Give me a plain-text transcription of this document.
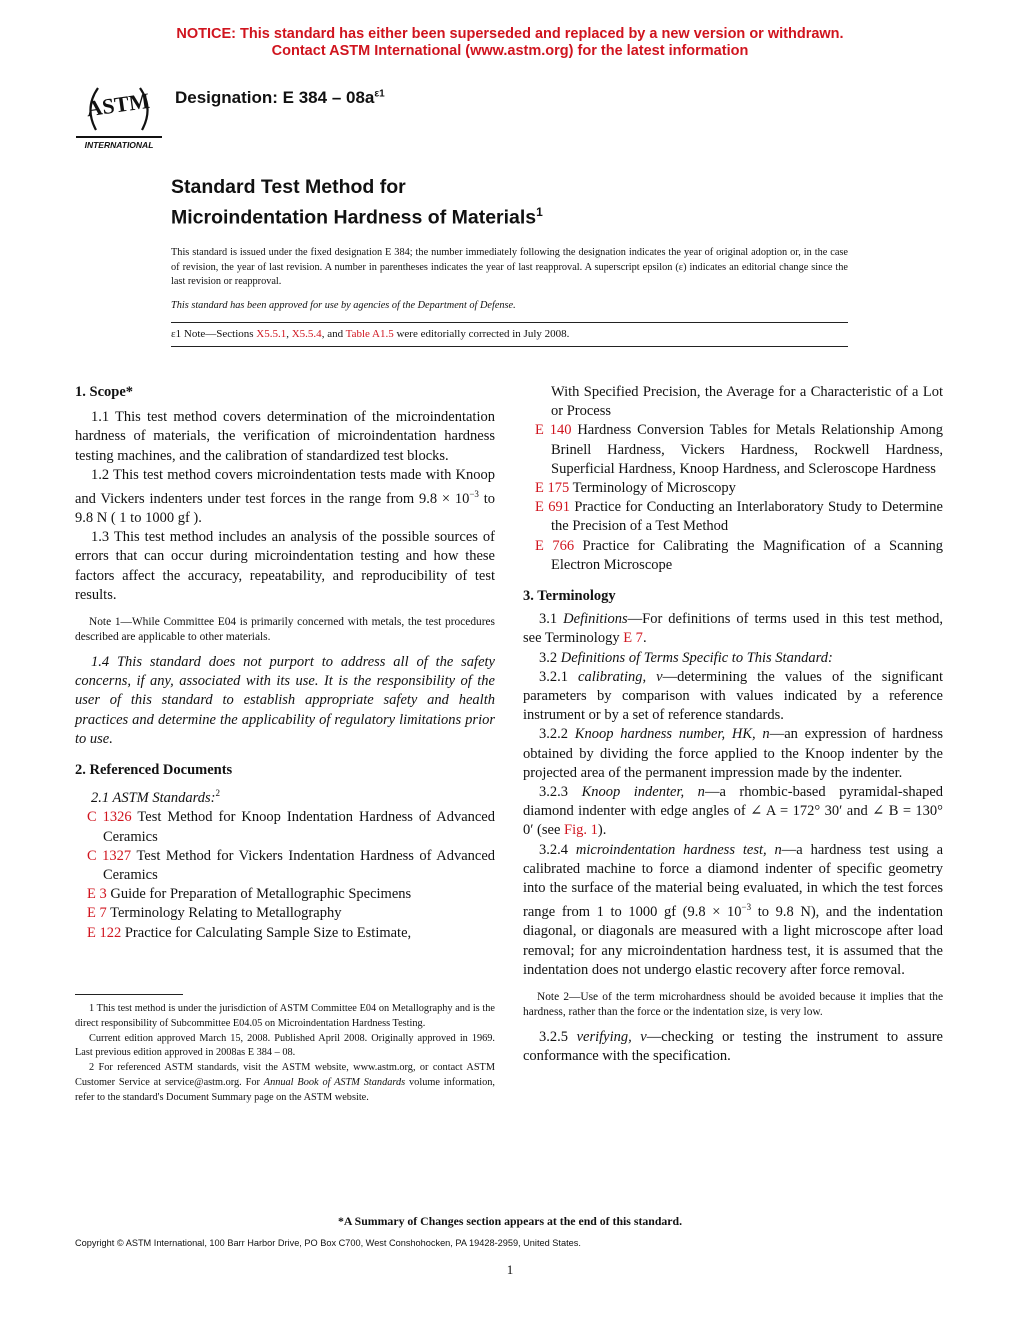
NOTICE: This standard has either been superseded and replaced by a new version or withdrawn.
Contact ASTM International (www.astm.org) for the latest information
ASTM
INTERNATIONAL
Designation: E $384 - 08a^{\varepsilon 1}$
Standard Test Method for
Microindentation Hardness of Materials$^1$
This standard is issued under the fixed designation E 384; the number immediately following the designation indicates the year of original adoption or, in the case of revision, the year of last revision. A number in parentheses indicates the year of last reapproval. A superscript epsilon (ε) indicates an editorial change since the last revision or reapproval.
This standard has been approved for use by agencies of the Department of Defense.
ε1 Note—Sections X5.5.1, X5.5.4, and Table A1.5 were editorially corrected in July 2008.

1. Scope*

1.1 This test method covers determination of the microindentation hardness of materials, the verification of microindentation hardness testing machines, and the calibration of standardized test blocks.

1.2 This test method covers microindentation tests made with Knoop and Vickers indenters under test forces in the range from $9.8 \times 10^{-3}$ to 9.8 N ( 1 to 1000 gf ).

1.3 This test method includes an analysis of the possible sources of errors that can occur during microindentation testing and how these factors affect the accuracy, repeatability, and reproducibility of test results.

Note 1—While Committee E04 is primarily concerned with metals, the test procedures described are applicable to other materials.

1.4 This standard does not purport to address all of the safety concerns, if any, associated with its use. It is the responsibility of the user of this standard to establish appropriate safety and health practices and determine the applicability of regulatory limitations prior to use.

2. Referenced Documents

2.1 ASTM Standards:$^2$

C 1326 Test Method for Knoop Indentation Hardness of Advanced Ceramics

C 1327 Test Method for Vickers Indentation Hardness of Advanced Ceramics

E 3 Guide for Preparation of Metallographic Specimens

E 7 Terminology Relating to Metallography

E 122 Practice for Calculating Sample Size to Estimate,

1 This test method is under the jurisdiction of ASTM Committee E04 on Metallography and is the direct responsibility of Subcommittee E04.05 on Microindentation Hardness Testing.

Current edition approved March 15, 2008. Published April 2008. Originally approved in 1969. Last previous edition approved in 2008as E 384 – 08.

2 For referenced ASTM standards, visit the ASTM website, www.astm.org, or contact ASTM Customer Service at service@astm.org. For Annual Book of ASTM Standards volume information, refer to the standard's Document Summary page on the ASTM website.

With Specified Precision, the Average for a Characteristic of a Lot or Process

E 140 Hardness Conversion Tables for Metals Relationship Among Brinell Hardness, Vickers Hardness, Rockwell Hardness, Superficial Hardness, Knoop Hardness, and Scleroscope Hardness

E 175 Terminology of Microscopy

E 691 Practice for Conducting an Interlaboratory Study to Determine the Precision of a Test Method

E 766 Practice for Calibrating the Magnification of a Scanning Electron Microscope

3. Terminology

3.1 Definitions—For definitions of terms used in this test method, see Terminology E 7.

3.2 Definitions of Terms Specific to This Standard:

3.2.1 calibrating, v—determining the values of the significant parameters by comparison with values indicated by a reference instrument or by a set of reference standards.

3.2.2 Knoop hardness number, HK, n—an expression of hardness obtained by dividing the force applied to the Knoop indenter by the projected area of the permanent impression made by the indenter.

3.2.3 Knoop indenter, n—a rhombic-based pyramidal-shaped diamond indenter with edge angles of ∠ A = 172° 30′ and ∠ B = 130° 0′ (see Fig. 1).

3.2.4 microindentation hardness test, n—a hardness test using a calibrated machine to force a diamond indenter of specific geometry into the surface of the material being evaluated, in which the test forces range from 1 to 1000 gf ($9.8 \times 10^{-3}$ to 9.8 N), and the indentation diagonal, or diagonals are measured with a light microscope after load removal; for any microindentation hardness test, it is assumed that the indentation does not undergo elastic recovery after force removal.

Note 2—Use of the term microhardness should be avoided because it implies that the hardness, rather than the force or the indentation size, is very low.

3.2.5 verifying, v—checking or testing the instrument to assure conformance with the specification.

*A Summary of Changes section appears at the end of this standard.
Copyright © ASTM International, 100 Barr Harbor Drive, PO Box C700, West Conshohocken, PA 19428-2959, United States.
1
